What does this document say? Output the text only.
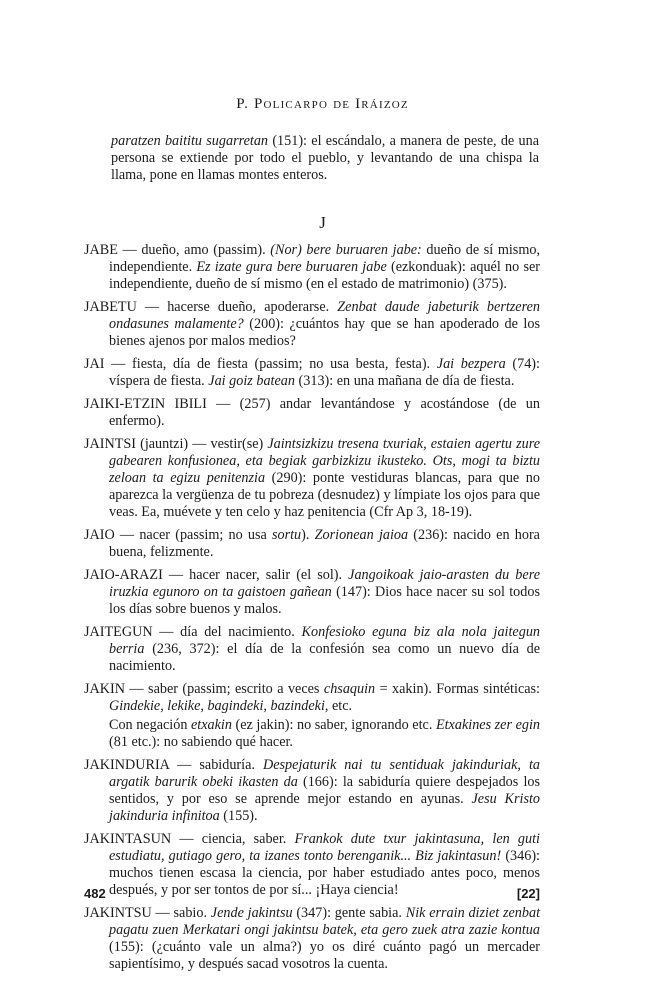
P. Policarpo de Iráizoz

paratzen baititu sugarretan (151): el escándalo, a manera de peste, de una persona se extiende por todo el pueblo, y levantando de una chispa la llama, pone en llamas montes enteros.

J

JABE — dueño, amo (passim). (Nor) bere buruaren jabe: dueño de sí mismo, independiente. Ez izate gura bere buruaren jabe (ezkonduak): aquél no ser independiente, dueño de sí mismo (en el estado de matrimonio) (375).

JABETU — hacerse dueño, apoderarse. Zenbat daude jabeturik bertzeren ondasunes malamente? (200): ¿cuántos hay que se han apoderado de los bienes ajenos por malos medios?

JAI — fiesta, día de fiesta (passim; no usa besta, festa). Jai bezpera (74): víspera de fiesta. Jai goiz batean (313): en una mañana de día de fiesta.

JAIKI-ETZIN IBILI — (257) andar levantándose y acostándose (de un enfermo).

JAINTSI (jauntzi) — vestir(se) Jaintsizkizu tresena txuriak, estaien agertu zure gabearen konfusionea, eta begiak garbizkizu ikusteko. Ots, mogi ta biztu zeloan ta egizu penitenzia (290): ponte vestiduras blancas, para que no aparezca la vergüenza de tu pobreza (desnudez) y límpiate los ojos para que veas. Ea, muévete y ten celo y haz penitencia (Cfr Ap 3, 18-19).

JAIO — nacer (passim; no usa sortu). Zorionean jaioa (236): nacido en hora buena, felizmente.

JAIO-ARAZI — hacer nacer, salir (el sol). Jangoikoak jaio-arasten du bere iruzkia egunoro on ta gaistoen gañean (147): Dios hace nacer su sol todos los días sobre buenos y malos.

JAITEGUN — día del nacimiento. Konfesioko eguna biz ala nola jaitegun berria (236, 372): el día de la confesión sea como un nuevo día de nacimiento.

JAKIN — saber (passim; escrito a veces chsaquin = xakin). Formas sintéticas: Gindekie, lekike, bagindeki, bazindeki, etc.

Con negación etxakin (ez jakin): no saber, ignorando etc. Etxakines zer egin (81 etc.): no sabiendo qué hacer.

JAKINDURIA — sabiduría. Despejaturik nai tu sentiduak jakinduriak, ta argatik barurik obeki ikasten da (166): la sabiduría quiere despejados los sentidos, y por eso se aprende mejor estando en ayunas. Jesu Kristo jakinduria infinitoa (155).

JAKINTASUN — ciencia, saber. Frankok dute txur jakintasuna, len guti estudiatu, gutiago gero, ta izanes tonto berenganik... Biz jakintasun! (346): muchos tienen escasa la ciencia, por haber estudiado antes poco, menos después, y por ser tontos de por sí... ¡Haya ciencia!

JAKINTSU — sabio. Jende jakintsu (347): gente sabia. Nik errain diziet zenbat pagatu zuen Merkatari ongi jakintsu batek, eta gero zuek atra zazie kontua (155): (¿cuánto vale un alma?) yo os diré cuánto pagó un mercader sapientísimo, y después sacad vosotros la cuenta.

482	[22]
